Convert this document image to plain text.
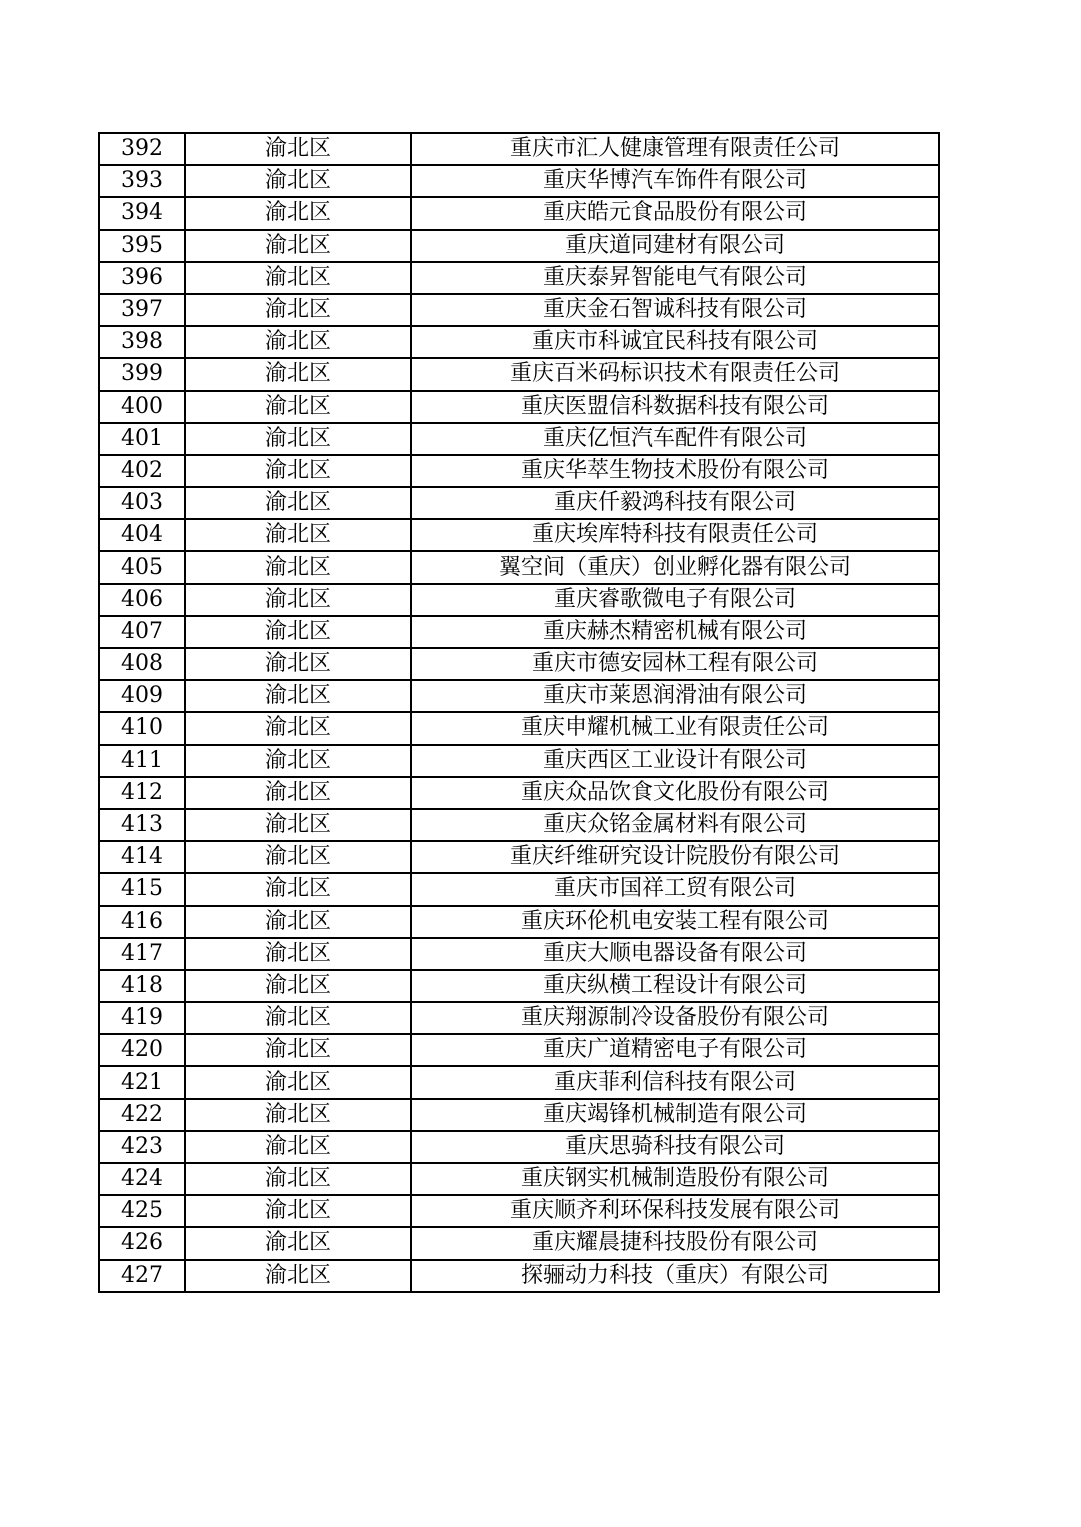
392	渝北区	重庆市汇人健康管理有限责任公司
393	渝北区	重庆华博汽车饰件有限公司
394	渝北区	重庆皓元食品股份有限公司
395	渝北区	重庆道同建材有限公司
396	渝北区	重庆泰昇智能电气有限公司
397	渝北区	重庆金石智诚科技有限公司
398	渝北区	重庆市科诚宜民科技有限公司
399	渝北区	重庆百米码标识技术有限责任公司
400	渝北区	重庆医盟信科数据科技有限公司
401	渝北区	重庆亿恒汽车配件有限公司
402	渝北区	重庆华萃生物技术股份有限公司
403	渝北区	重庆仟毅鸿科技有限公司
404	渝北区	重庆埃库特科技有限责任公司
405	渝北区	翼空间（重庆）创业孵化器有限公司
406	渝北区	重庆睿歌微电子有限公司
407	渝北区	重庆赫杰精密机械有限公司
408	渝北区	重庆市德安园林工程有限公司
409	渝北区	重庆市莱恩润滑油有限公司
410	渝北区	重庆申耀机械工业有限责任公司
411	渝北区	重庆西区工业设计有限公司
412	渝北区	重庆众品饮食文化股份有限公司
413	渝北区	重庆众铭金属材料有限公司
414	渝北区	重庆纤维研究设计院股份有限公司
415	渝北区	重庆市国祥工贸有限公司
416	渝北区	重庆环伦机电安装工程有限公司
417	渝北区	重庆大顺电器设备有限公司
418	渝北区	重庆纵横工程设计有限公司
419	渝北区	重庆翔源制冷设备股份有限公司
420	渝北区	重庆广道精密电子有限公司
421	渝北区	重庆菲利信科技有限公司
422	渝北区	重庆竭锋机械制造有限公司
423	渝北区	重庆思骑科技有限公司
424	渝北区	重庆钢实机械制造股份有限公司
425	渝北区	重庆顺齐利环保科技发展有限公司
426	渝北区	重庆耀晨捷科技股份有限公司
427	渝北区	探骊动力科技（重庆）有限公司
